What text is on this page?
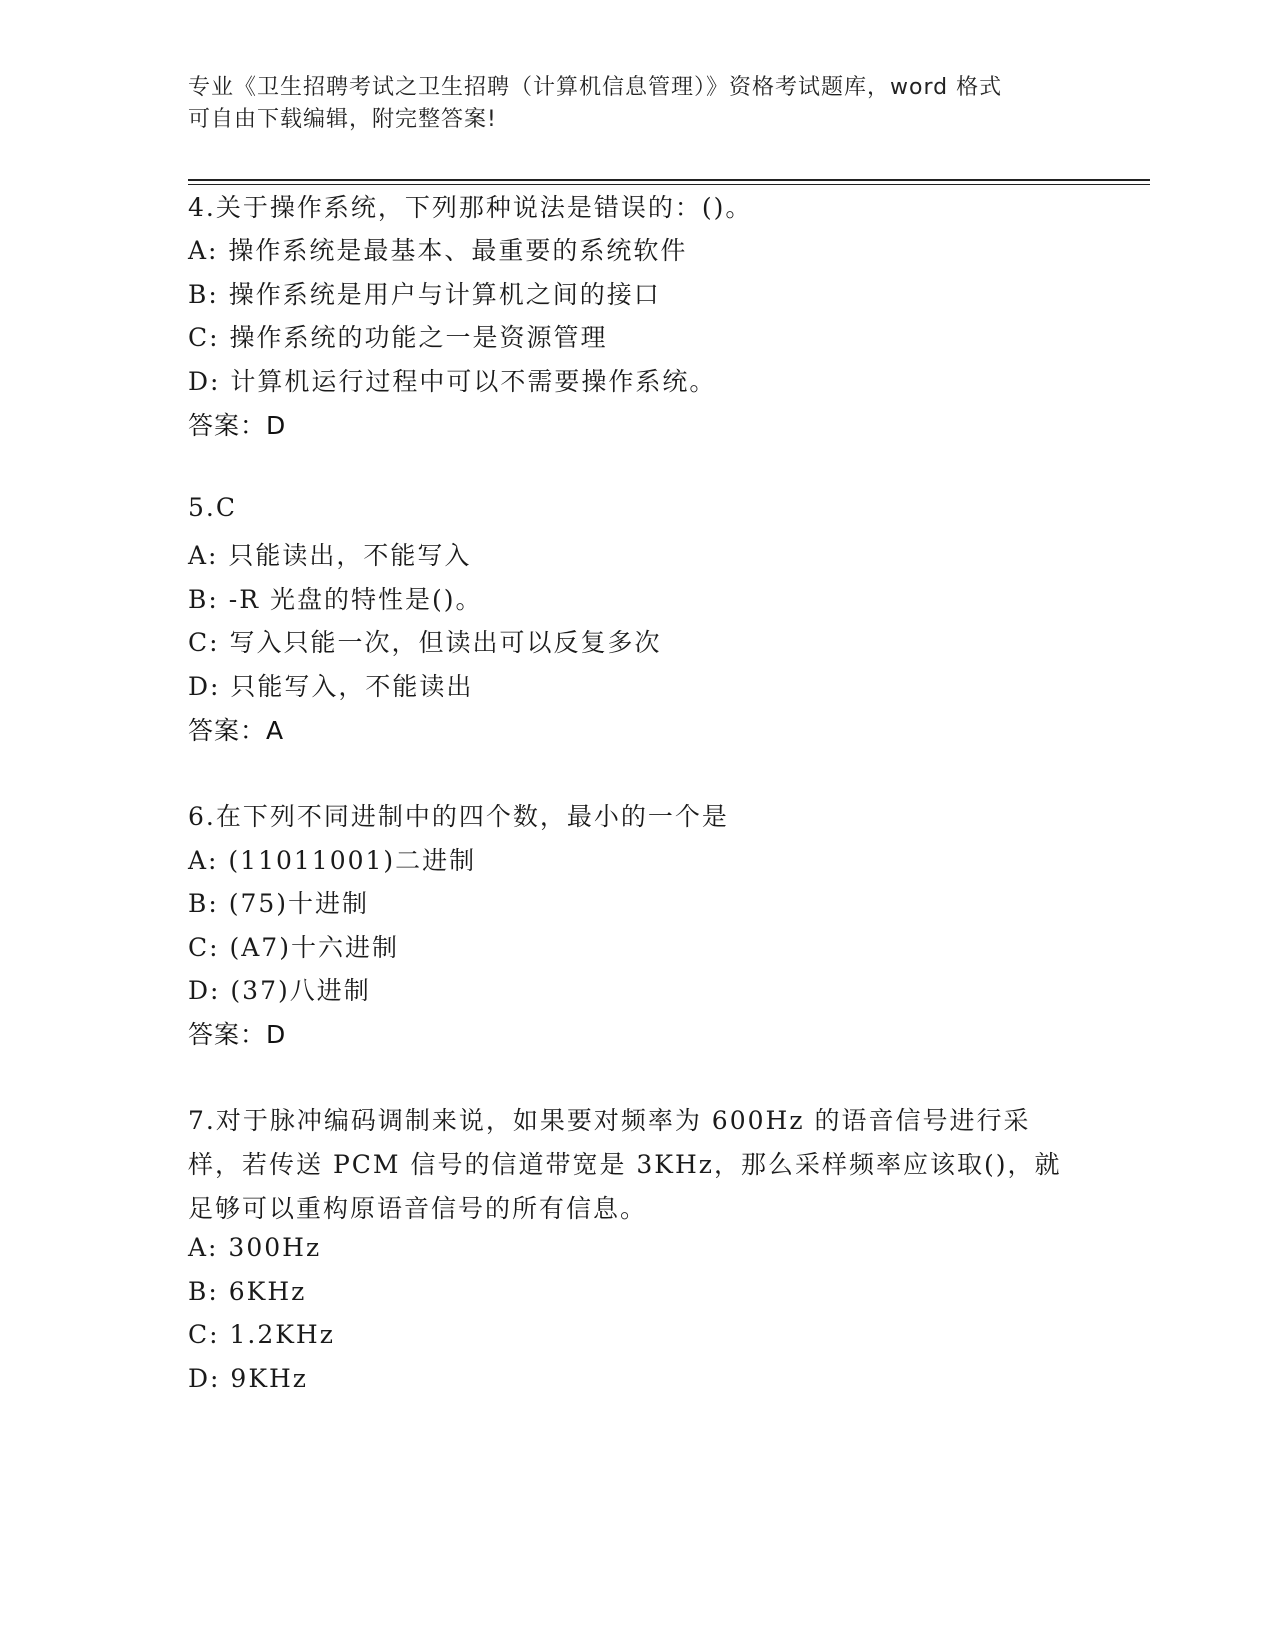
专业《卫生招聘考试之卫生招聘（计算机信息管理）》资格考试题库，word 格式
可自由下载编辑，附完整答案!
4.关于操作系统，下列那种说法是错误的：()。
A: 操作系统是最基本、最重要的系统软件
B: 操作系统是用户与计算机之间的接口
C: 操作系统的功能之一是资源管理
D: 计算机运行过程中可以不需要操作系统。
答案：D
5.C
A: 只能读出，不能写入
B: -R 光盘的特性是()。
C: 写入只能一次，但读出可以反复多次
D: 只能写入，不能读出
答案：A
6.在下列不同进制中的四个数，最小的一个是
A: (11011001)二进制
B: (75)十进制
C: (A7)十六进制
D: (37)八进制
答案：D
7.对于脉冲编码调制来说，如果要对频率为 600Hz 的语音信号进行采
样，若传送 PCM 信号的信道带宽是 3KHz，那么采样频率应该取()，就
足够可以重构原语音信号的所有信息。
A: 300Hz
B: 6KHz
C: 1.2KHz
D: 9KHz
